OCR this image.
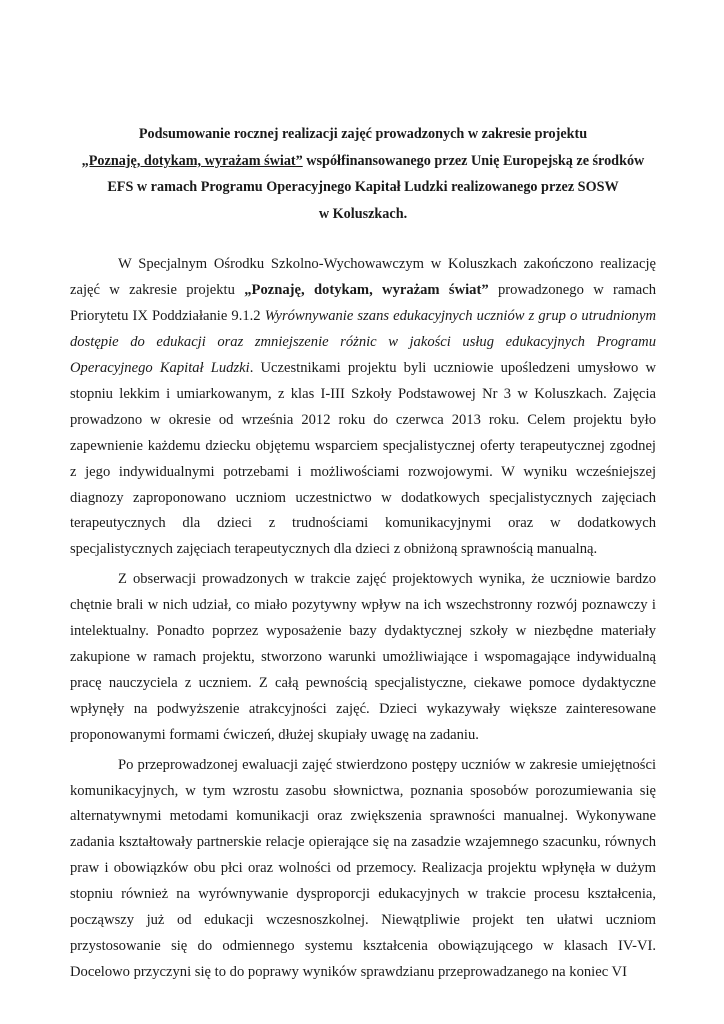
Podsumowanie rocznej realizacji zajęć prowadzonych w zakresie projektu
„Poznaję, dotykam, wyrażam świat” współfinansowanego przez Unię Europejską ze środków
EFS w ramach Programu Operacyjnego Kapitał Ludzki realizowanego przez SOSW
w Koluszkach.

W Specjalnym Ośrodku Szkolno-Wychowawczym w Koluszkach zakończono realizację zajęć w zakresie projektu „Poznaję, dotykam, wyrażam świat” prowadzonego w ramach Priorytetu IX Poddziałanie 9.1.2 Wyrównywanie szans edukacyjnych uczniów z grup o utrudnionym dostępie do edukacji oraz zmniejszenie różnic w jakości usług edukacyjnych Programu Operacyjnego Kapitał Ludzki. Uczestnikami projektu byli uczniowie upośledzeni umysłowo w stopniu lekkim i umiarkowanym, z klas I-III Szkoły Podstawowej Nr 3 w Koluszkach. Zajęcia prowadzono w okresie od września 2012 roku do czerwca 2013 roku. Celem projektu było zapewnienie każdemu dziecku objętemu wsparciem specjalistycznej oferty terapeutycznej zgodnej z jego indywidualnymi potrzebami i możliwościami rozwojowymi. W wyniku wcześniejszej diagnozy zaproponowano uczniom uczestnictwo w dodatkowych specjalistycznych zajęciach terapeutycznych dla dzieci z trudnościami komunikacyjnymi oraz w dodatkowych specjalistycznych zajęciach terapeutycznych dla dzieci z obniżoną sprawnością manualną.

Z obserwacji prowadzonych w trakcie zajęć projektowych wynika, że uczniowie bardzo chętnie brali w nich udział, co miało pozytywny wpływ na ich wszechstronny rozwój poznawczy i intelektualny. Ponadto poprzez wyposażenie bazy dydaktycznej szkoły w niezbędne materiały zakupione w ramach projektu, stworzono warunki umożliwiające i wspomagające indywidualną pracę nauczyciela z uczniem. Z całą pewnością specjalistyczne, ciekawe pomoce dydaktyczne wpłynęły na podwyższenie atrakcyjności zajęć. Dzieci wykazywały większe zainteresowane proponowanymi formami ćwiczeń, dłużej skupiały uwagę na zadaniu.

Po przeprowadzonej ewaluacji zajęć stwierdzono postępy uczniów w zakresie umiejętności komunikacyjnych, w tym wzrostu zasobu słownictwa, poznania sposobów porozumiewania się alternatywnymi metodami komunikacji oraz zwiększenia sprawności manualnej. Wykonywane zadania kształtowały partnerskie relacje opierające się na zasadzie wzajemnego szacunku, równych praw i obowiązków obu płci oraz wolności od przemocy. Realizacja projektu wpłynęła w dużym stopniu również na wyrównywanie dysproporcji edukacyjnych w trakcie procesu kształcenia, począwszy już od edukacji wczesnoszkolnej. Niewątpliwie projekt ten ułatwi uczniom przystosowanie się do odmiennego systemu kształcenia obowiązującego w klasach IV-VI. Docelowo przyczyni się to do poprawy wyników sprawdzianu przeprowadzanego na koniec VI
